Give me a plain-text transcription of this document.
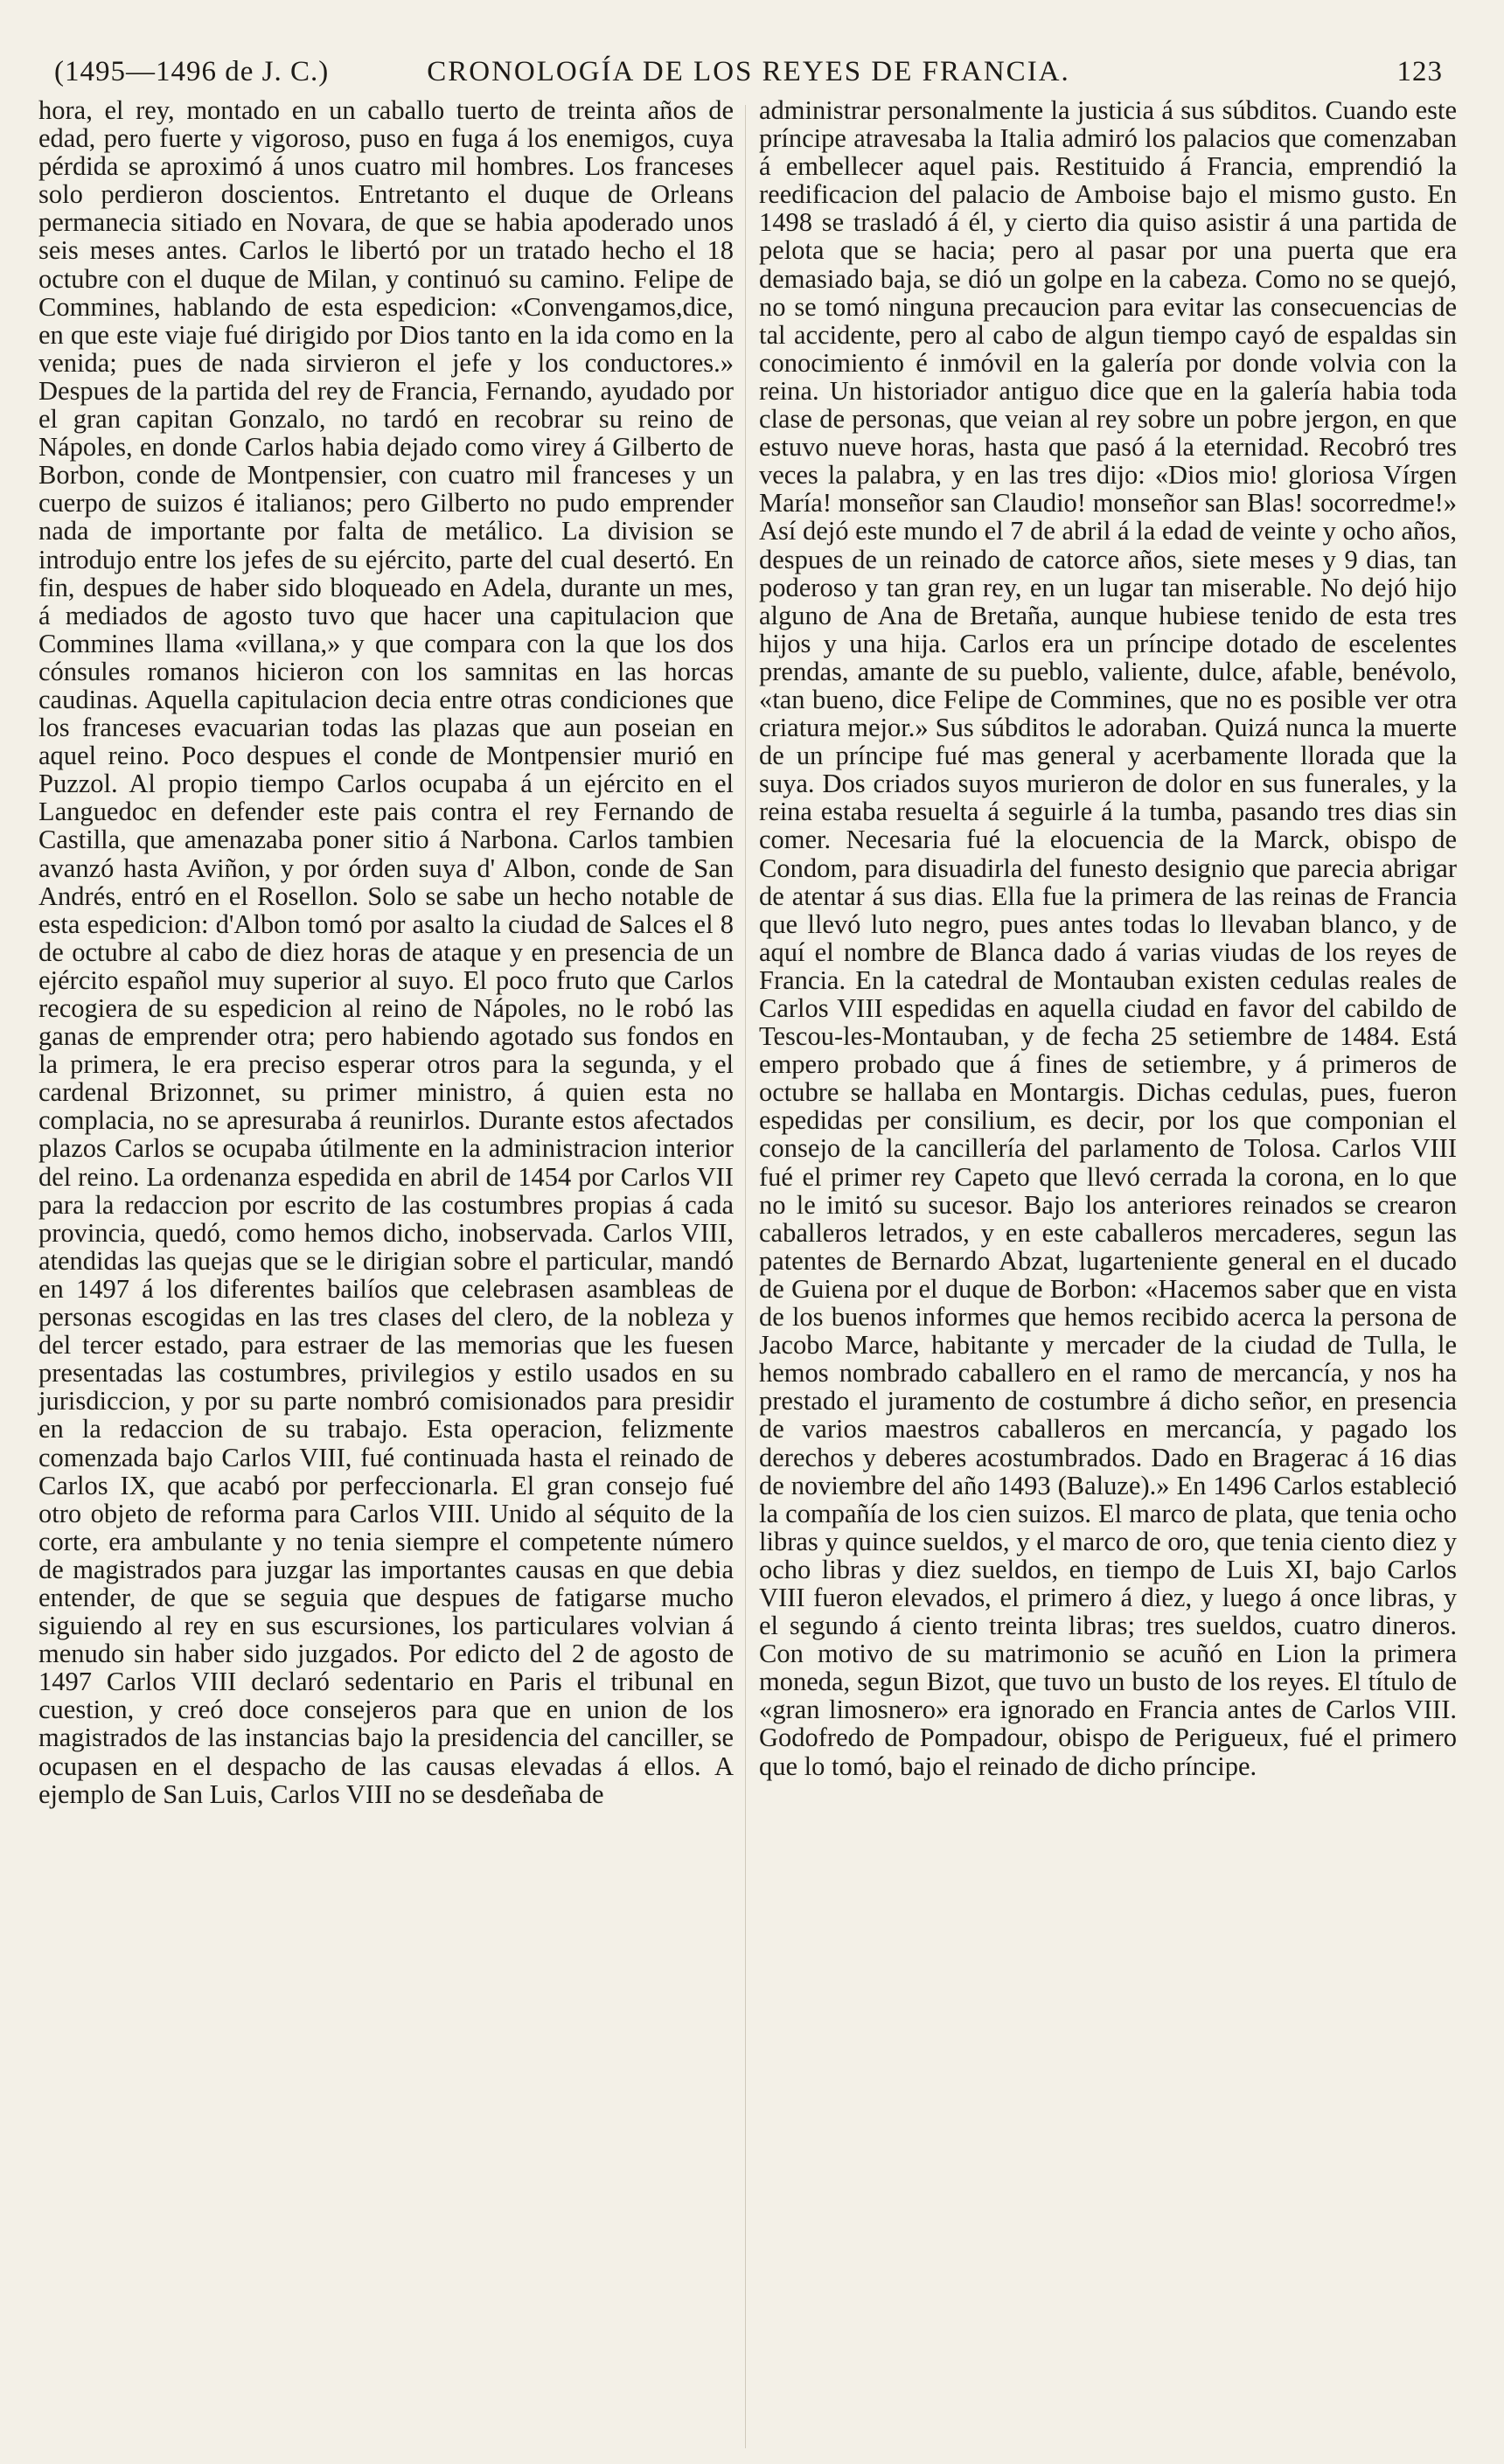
(1495—1496 de J. C.)	CRONOLOGÍA DE LOS REYES DE FRANCIA.	123

hora, el rey, montado en un caballo tuerto de treinta años de edad, pero fuerte y vigoroso, puso en fuga á los enemigos, cuya pérdida se aproximó á unos cuatro mil hombres. Los franceses solo perdieron doscientos. Entretanto el duque de Orleans permanecia sitiado en Novara, de que se habia apoderado unos seis meses antes. Carlos le libertó por un tratado hecho el 18 octubre con el duque de Milan, y continuó su camino. Felipe de Commines, hablando de esta espedicion: «Convengamos,dice, en que este viaje fué dirigido por Dios tanto en la ida como en la venida; pues de nada sirvieron el jefe y los conductores.» Despues de la partida del rey de Francia, Fernando, ayudado por el gran capitan Gonzalo, no tardó en recobrar su reino de Nápoles, en donde Carlos habia dejado como virey á Gilberto de Borbon, conde de Montpensier, con cuatro mil franceses y un cuerpo de suizos é italianos; pero Gilberto no pudo emprender nada de importante por falta de metálico. La division se introdujo entre los jefes de su ejército, parte del cual desertó. En fin, despues de haber sido bloqueado en Adela, durante un mes, á mediados de agosto tuvo que hacer una capitulacion que Commines llama «villana,» y que compara con la que los dos cónsules romanos hicieron con los samnitas en las horcas caudinas. Aquella capitulacion decia entre otras condiciones que los franceses evacuarian todas las plazas que aun poseian en aquel reino. Poco despues el conde de Montpensier murió en Puzzol. Al propio tiempo Carlos ocupaba á un ejército en el Languedoc en defender este pais contra el rey Fernando de Castilla, que amenazaba poner sitio á Narbona. Carlos tambien avanzó hasta Aviñon, y por órden suya d' Albon, conde de San Andrés, entró en el Rosellon. Solo se sabe un hecho notable de esta espedicion: d'Albon tomó por asalto la ciudad de Salces el 8 de octubre al cabo de diez horas de ataque y en presencia de un ejército español muy superior al suyo. El poco fruto que Carlos recogiera de su espedicion al reino de Nápoles, no le robó las ganas de emprender otra; pero habiendo agotado sus fondos en la primera, le era preciso esperar otros para la segunda, y el cardenal Brizonnet, su primer ministro, á quien esta no complacia, no se apresuraba á reunirlos. Durante estos afectados plazos Carlos se ocupaba útilmente en la administracion interior del reino. La ordenanza espedida en abril de 1454 por Carlos VII para la redaccion por escrito de las costumbres propias á cada provincia, quedó, como hemos dicho, inobservada. Carlos VIII, atendidas las quejas que se le dirigian sobre el particular, mandó en 1497 á los diferentes bailíos que celebrasen asambleas de personas escogidas en las tres clases del clero, de la nobleza y del tercer estado, para estraer de las memorias que les fuesen presentadas las costumbres, privilegios y estilo usados en su jurisdiccion, y por su parte nombró comisionados para presidir en la redaccion de su trabajo. Esta operacion, felizmente comenzada bajo Carlos VIII, fué continuada hasta el reinado de Carlos IX, que acabó por perfeccionarla. El gran consejo fué otro objeto de reforma para Carlos VIII. Unido al séquito de la corte, era ambulante y no tenia siempre el competente número de magistrados para juzgar las importantes causas en que debia entender, de que se seguia que despues de fatigarse mucho siguiendo al rey en sus escursiones, los particulares volvian á menudo sin haber sido juzgados. Por edicto del 2 de agosto de 1497 Carlos VIII declaró sedentario en Paris el tribunal en cuestion, y creó doce consejeros para que en union de los magistrados de las instancias bajo la presidencia del canciller, se ocupasen en el despacho de las causas elevadas á ellos. A ejemplo de San Luis, Carlos VIII no se desdeñaba de

administrar personalmente la justicia á sus súbditos. Cuando este príncipe atravesaba la Italia admiró los palacios que comenzaban á embellecer aquel pais. Restituido á Francia, emprendió la reedificacion del palacio de Amboise bajo el mismo gusto. En 1498 se trasladó á él, y cierto dia quiso asistir á una partida de pelota que se hacia; pero al pasar por una puerta que era demasiado baja, se dió un golpe en la cabeza. Como no se quejó, no se tomó ninguna precaucion para evitar las consecuencias de tal accidente, pero al cabo de algun tiempo cayó de espaldas sin conocimiento é inmóvil en la galería por donde volvia con la reina. Un historiador antiguo dice que en la galería habia toda clase de personas, que veian al rey sobre un pobre jergon, en que estuvo nueve horas, hasta que pasó á la eternidad. Recobró tres veces la palabra, y en las tres dijo: «Dios mio! gloriosa Vírgen María! monseñor san Claudio! monseñor san Blas! socorredme!» Así dejó este mundo el 7 de abril á la edad de veinte y ocho años, despues de un reinado de catorce años, siete meses y 9 dias, tan poderoso y tan gran rey, en un lugar tan miserable. No dejó hijo alguno de Ana de Bretaña, aunque hubiese tenido de esta tres hijos y una hija. Carlos era un príncipe dotado de escelentes prendas, amante de su pueblo, valiente, dulce, afable, benévolo, «tan bueno, dice Felipe de Commines, que no es posible ver otra criatura mejor.» Sus súbditos le adoraban. Quizá nunca la muerte de un príncipe fué mas general y acerbamente llorada que la suya. Dos criados suyos murieron de dolor en sus funerales, y la reina estaba resuelta á seguirle á la tumba, pasando tres dias sin comer. Necesaria fué la elocuencia de la Marck, obispo de Condom, para disuadirla del funesto designio que parecia abrigar de atentar á sus dias. Ella fue la primera de las reinas de Francia que llevó luto negro, pues antes todas lo llevaban blanco, y de aquí el nombre de Blanca dado á varias viudas de los reyes de Francia. En la catedral de Montauban existen cedulas reales de Carlos VIII espedidas en aquella ciudad en favor del cabildo de Tescou-les-Montauban, y de fecha 25 setiembre de 1484. Está empero probado que á fines de setiembre, y á primeros de octubre se hallaba en Montargis. Dichas cedulas, pues, fueron espedidas per consilium, es decir, por los que componian el consejo de la cancillería del parlamento de Tolosa. Carlos VIII fué el primer rey Capeto que llevó cerrada la corona, en lo que no le imitó su sucesor. Bajo los anteriores reinados se crearon caballeros letrados, y en este caballeros mercaderes, segun las patentes de Bernardo Abzat, lugarteniente general en el ducado de Guiena por el duque de Borbon: «Hacemos saber que en vista de los buenos informes que hemos recibido acerca la persona de Jacobo Marce, habitante y mercader de la ciudad de Tulla, le hemos nombrado caballero en el ramo de mercancía, y nos ha prestado el juramento de costumbre á dicho señor, en presencia de varios maestros caballeros en mercancía, y pagado los derechos y deberes acostumbrados. Dado en Bragerac á 16 dias de noviembre del año 1493 (Baluze).» En 1496 Carlos estableció la compañía de los cien suizos. El marco de plata, que tenia ocho libras y quince sueldos, y el marco de oro, que tenia ciento diez y ocho libras y diez sueldos, en tiempo de Luis XI, bajo Carlos VIII fueron elevados, el primero á diez, y luego á once libras, y el segundo á ciento treinta libras; tres sueldos, cuatro dineros. Con motivo de su matrimonio se acuñó en Lion la primera moneda, segun Bizot, que tuvo un busto de los reyes. El título de «gran limosnero» era ignorado en Francia antes de Carlos VIII. Godofredo de Pompadour, obispo de Perigueux, fué el primero que lo tomó, bajo el reinado de dicho príncipe.
